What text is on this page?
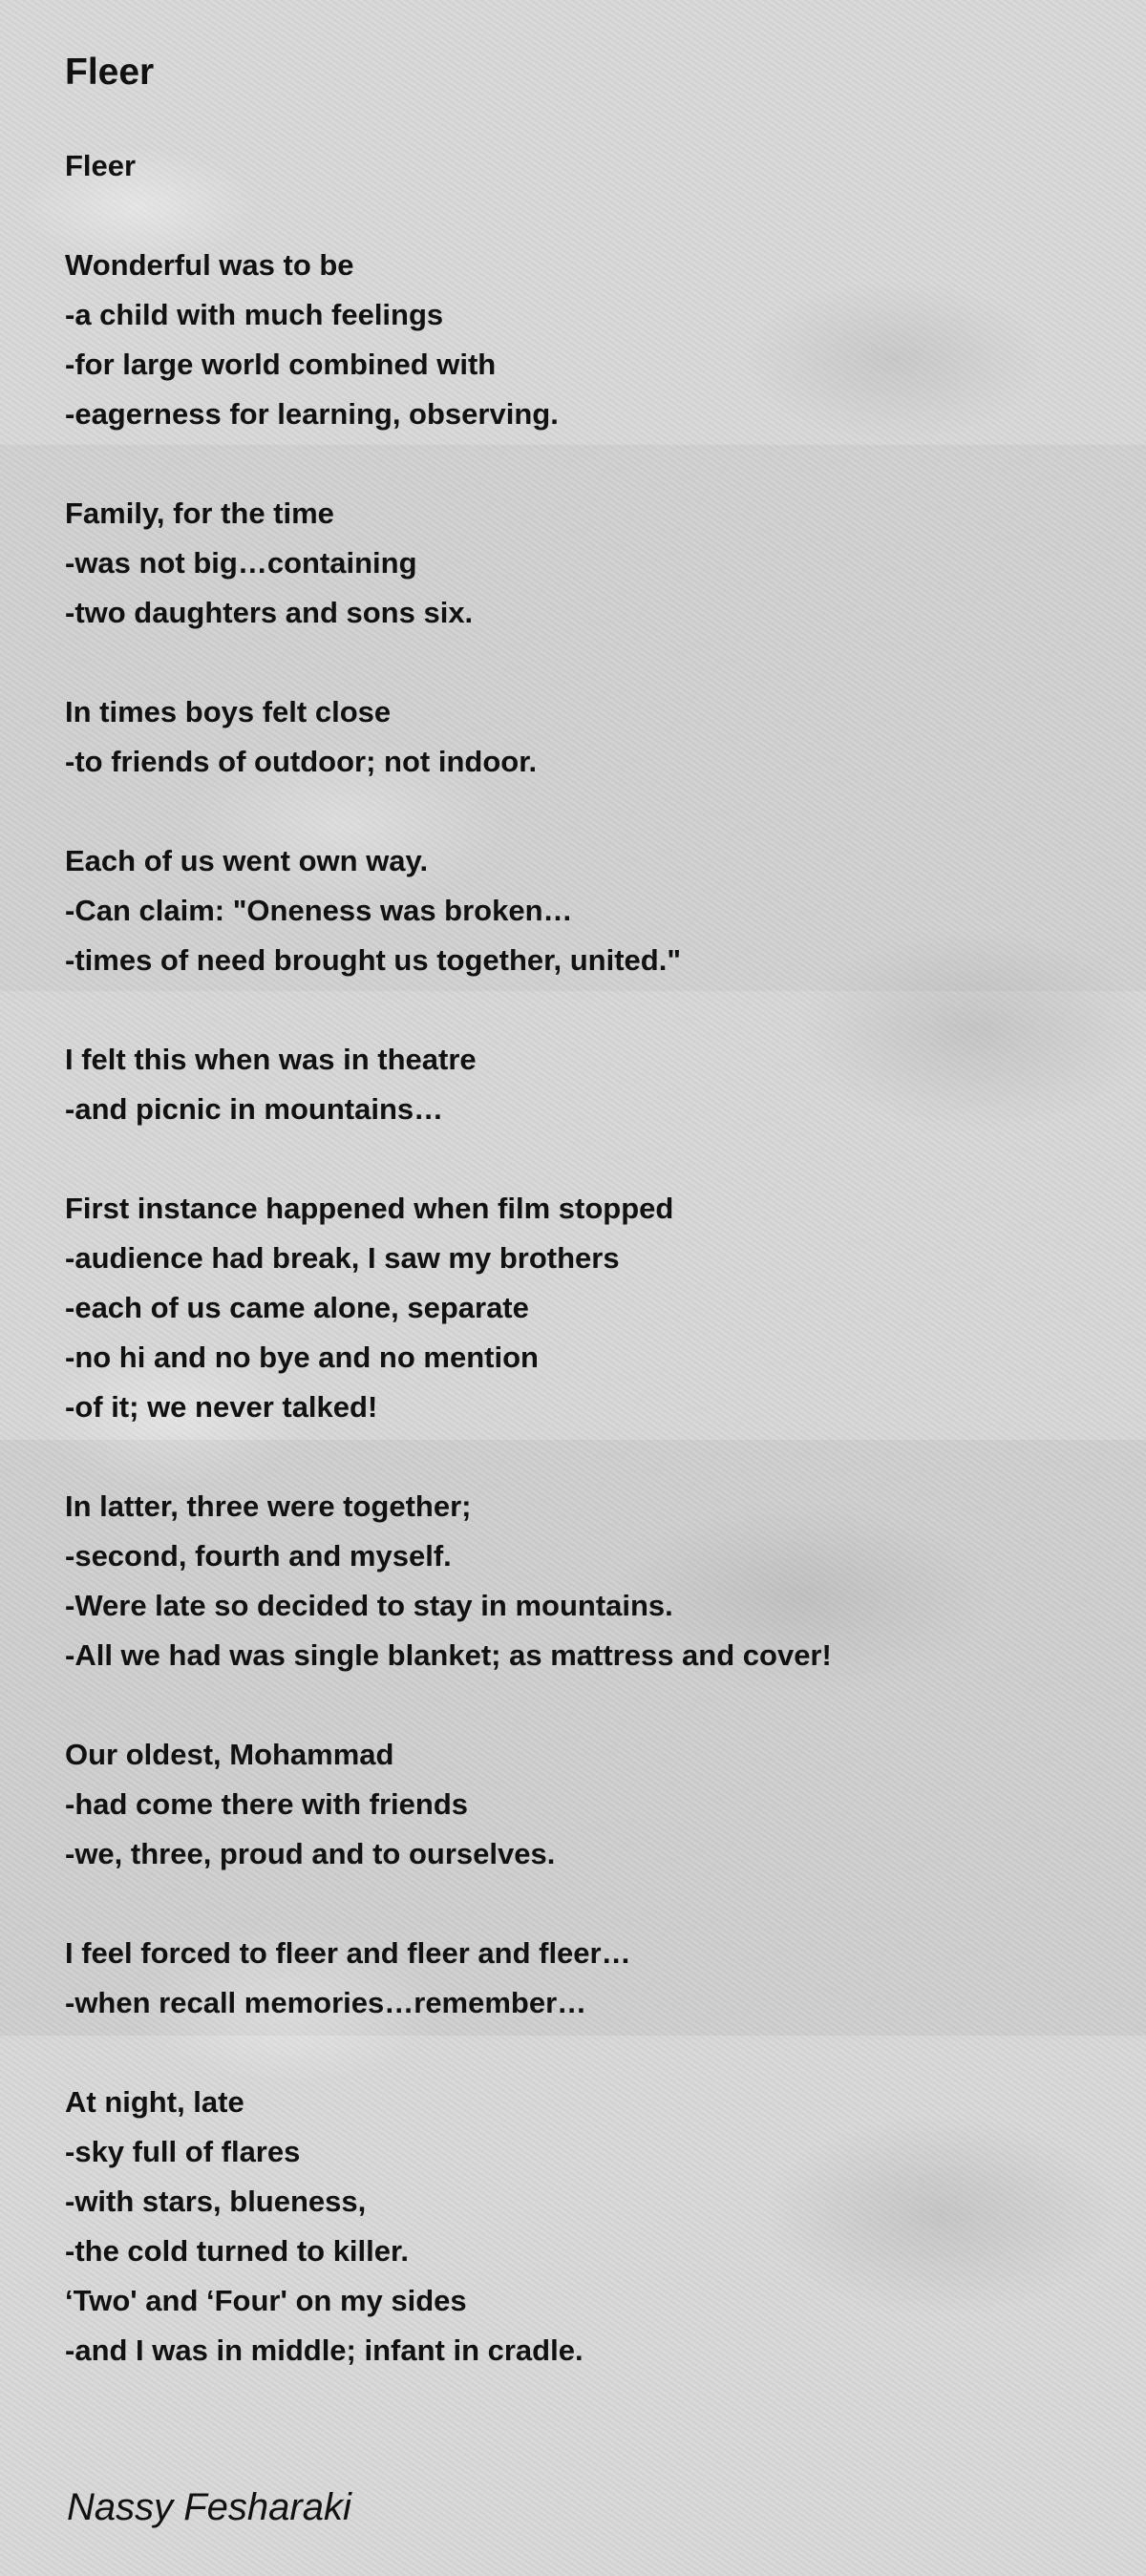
Fleer
Fleer
Wonderful was to be
-a child with much feelings
-for large world combined with
-eagerness for learning, observing.
Family, for the time
-was not big…containing
-two daughters and sons six.
In times boys felt close
-to friends of outdoor; not indoor.
Each of us went own way.
-Can claim: "Oneness was broken…
-times of need brought us together, united."
I felt this when was in theatre
-and picnic in mountains…
First instance happened when film stopped
-audience had break, I saw my brothers
-each of us came alone, separate
-no hi and no bye and no mention
-of it; we never talked!
In latter, three were together;
-second, fourth and myself.
-Were late so decided to stay in mountains.
-All we had was single blanket; as mattress and cover!
Our oldest, Mohammad
-had come there with friends
-we, three, proud and to ourselves.
I feel forced to fleer and fleer and fleer…
-when recall memories…remember…
At night, late
-sky full of flares
-with stars, blueness,
-the cold turned to killer.
‘Two' and ‘Four' on my sides
-and I was in middle; infant in cradle.
Nassy Fesharaki
